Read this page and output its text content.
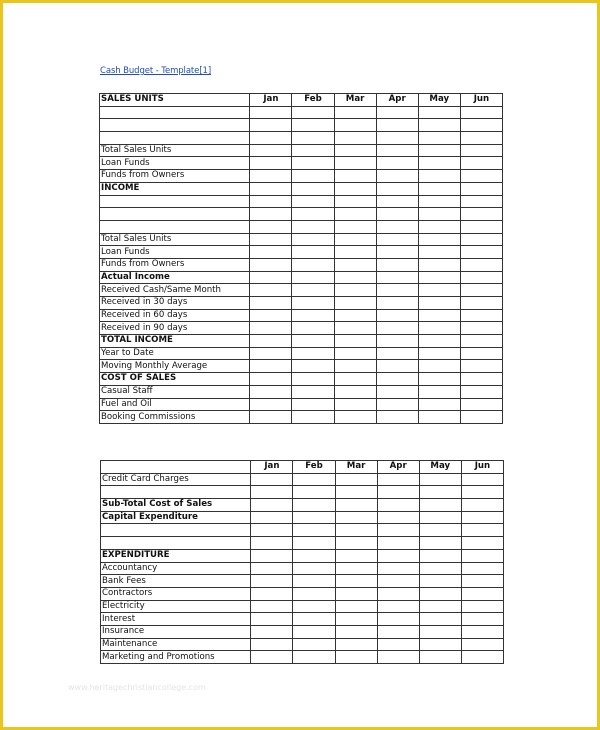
Cash Budget - Template[1]
SALES UNITS	Jan	Feb	Mar	Apr	May	Jun

Total Sales Units						
Loan Funds						
Funds from Owners						
INCOME						

Total Sales Units						
Loan Funds						
Funds from Owners						
Actual Income						
Received Cash/Same Month						
Received in 30 days						
Received in 60 days						
Received in 90 days						
TOTAL INCOME						
Year to Date						
Moving Monthly Average						
COST OF SALES						
Casual Staff						
Fuel and Oil						
Booking Commissions						
	Jan	Feb	Mar	Apr	May	Jun
Credit Card Charges						

Sub-Total Cost of Sales						
Capital Expenditure						

EXPENDITURE						
Accountancy						
Bank Fees						
Contractors						
Electricity						
Interest						
Insurance						
Maintenance						
Marketing and Promotions						
www.heritagechristiancollege.com
